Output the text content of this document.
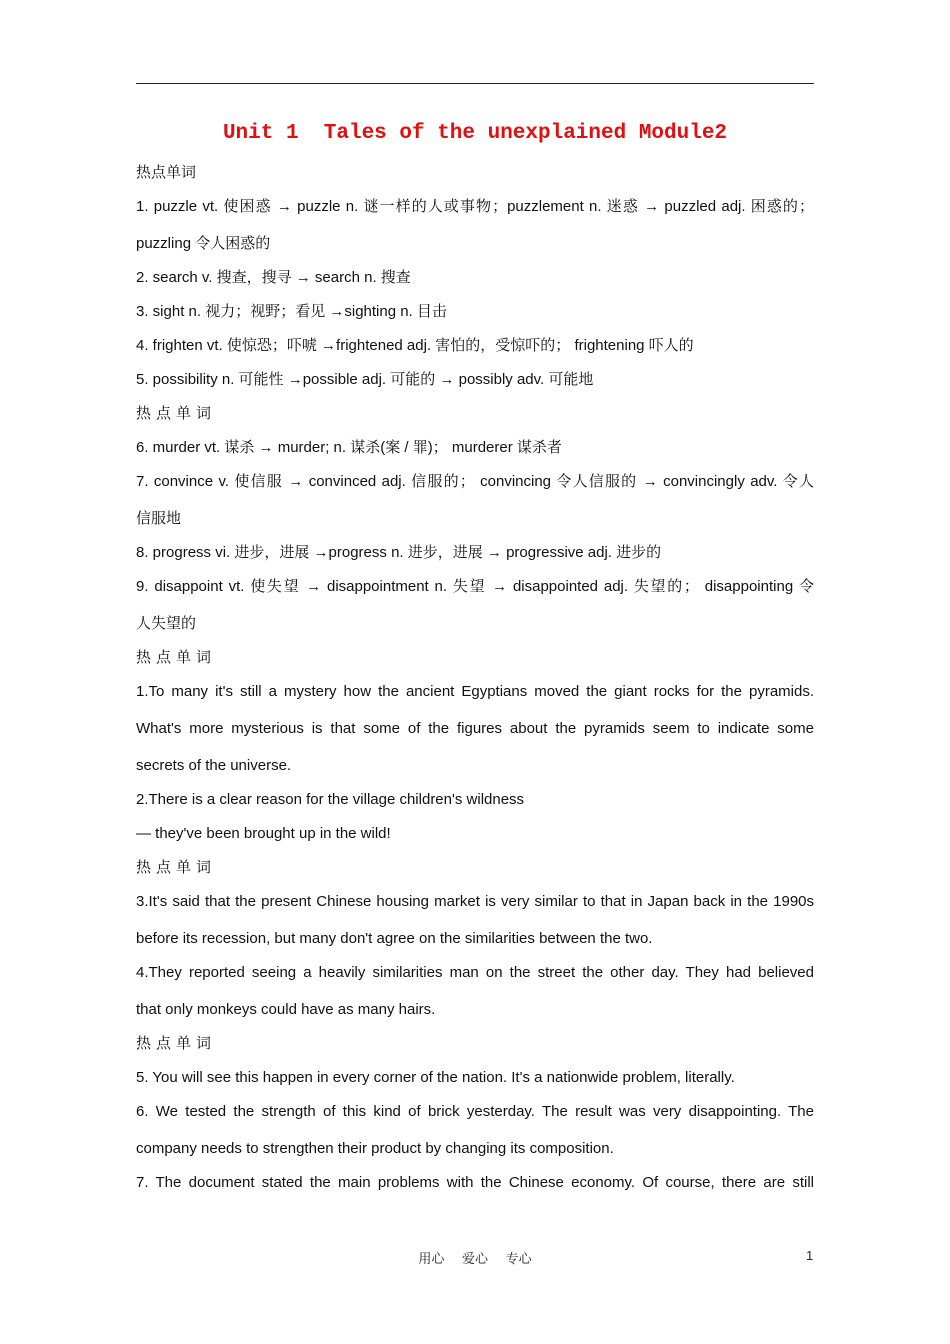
Unit 1  Tales of the unexplained Module2
热点单词
1. puzzle vt. 使困惑 → puzzle n. 谜一样的人或事物；puzzlement n. 迷惑 → puzzled adj. 困惑的；
puzzling 令人困惑的
2. search v. 搜查，搜寻 → search n. 搜查
3. sight n. 视力；视野；看见 →sighting n. 目击
4. frighten vt. 使惊恐；吓唬 →frightened adj. 害怕的，受惊吓的； frightening 吓人的
5. possibility n. 可能性 →possible adj. 可能的 → possibly adv. 可能地
热点单词
6. murder vt. 谋杀 → murder; n. 谋杀(案 / 罪)； murderer 谋杀者
7. convince v. 使信服 → convinced adj. 信服的； convincing 令人信服的 → convincingly adv. 令人
信服地
8. progress vi. 进步，进展 →progress n. 进步，进展 → progressive adj. 进步的
9. disappoint vt. 使失望 → disappointment n. 失望 → disappointed adj. 失望的； disappointing 令
人失望的
热点单词
1.To many it's still a mystery how the ancient Egyptians moved the giant rocks for the pyramids.
What's more mysterious is that some of the figures about the pyramids seem to indicate some
secrets of the universe.
2.There is a clear reason for the village children's wildness
— they've been brought up in the wild!
热点单词
3.It's said that the present Chinese housing market is very similar to that in Japan back in the 1990s
before its recession, but many don't agree on the similarities between the two.
4.They reported seeing a heavily similarities man on the street the other day. They had believed
that only monkeys could have as many hairs.
热点单词
5. You will see this happen in every corner of the nation. It's a nationwide problem, literally.
6. We tested the strength of this kind of brick yesterday. The result was very disappointing. The
company needs to strengthen their product by changing its composition.
7. The document stated the main problems with the Chinese economy. Of course, there are still
用心 爱心 专心	1
